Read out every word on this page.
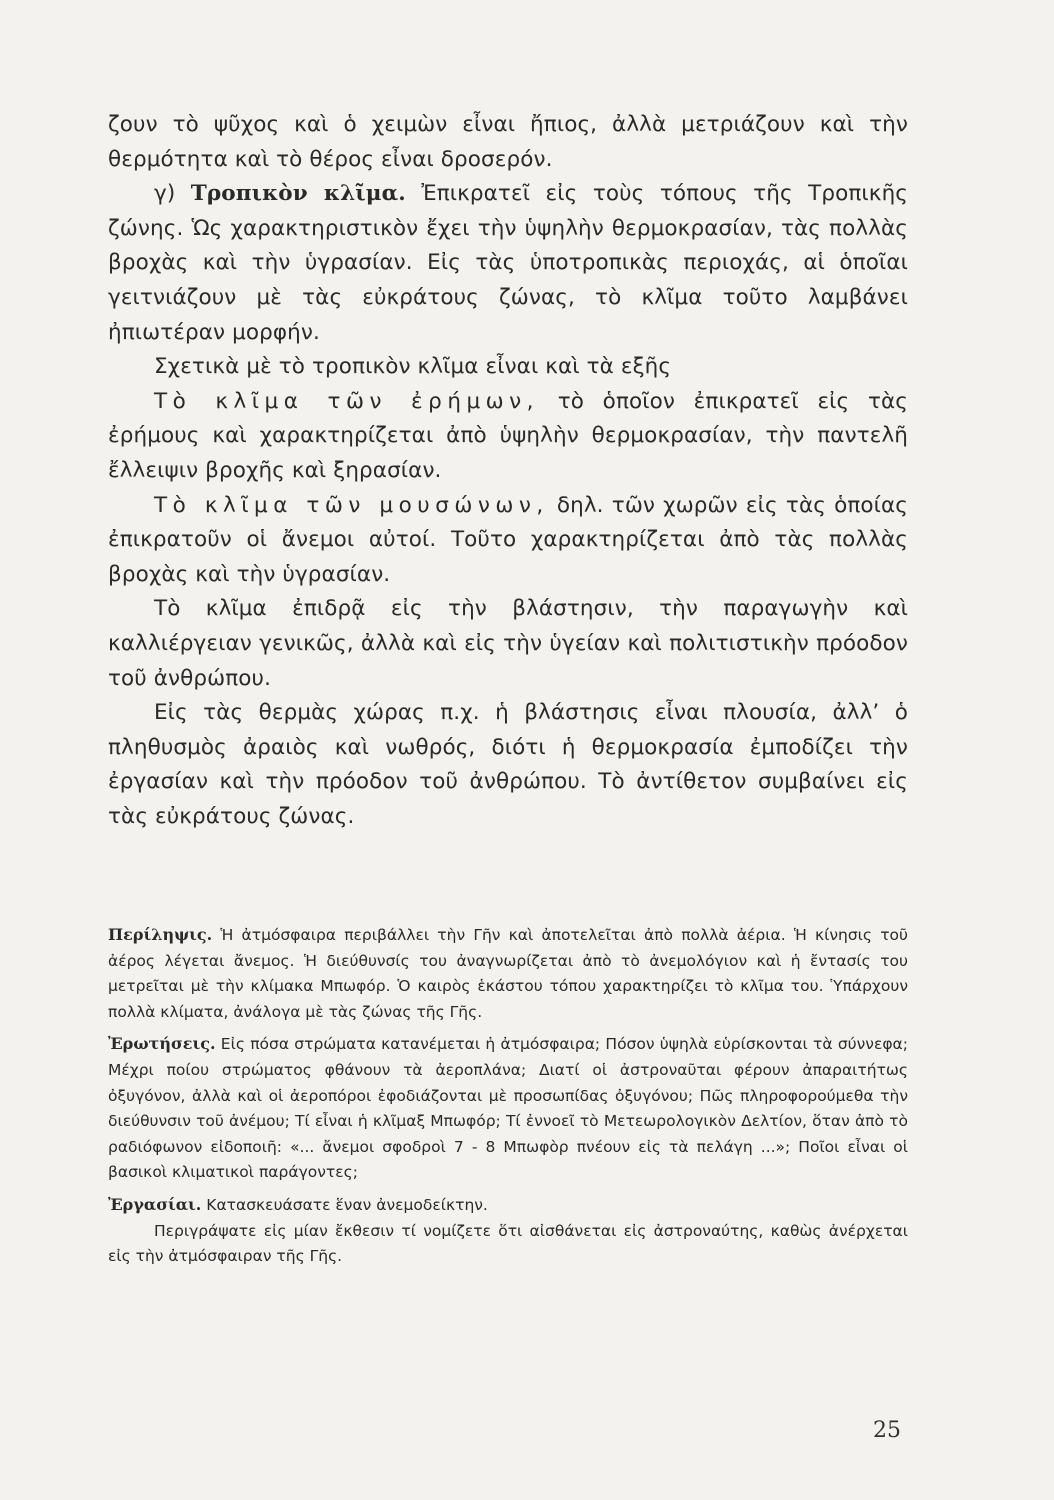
ζουν τὸ ψῦχος καὶ ὁ χειμὼν εἶναι ἤπιος, ἀλλὰ μετριάζουν καὶ τὴν θερμότητα καὶ τὸ θέρος εἶναι δροσερόν.

γ) Τροπικὸν κλῖμα. Ἐπικρατεῖ εἰς τοὺς τόπους τῆς Τροπικῆς ζώνης. Ὡς χαρακτηριστικὸν ἔχει τὴν ὑψηλὴν θερμοκρασίαν, τὰς πολλὰς βροχὰς καὶ τὴν ὑγρασίαν. Εἰς τὰς ὑποτροπικὰς περιοχάς, αἱ ὁποῖαι γειτνιάζουν μὲ τὰς εὐκράτους ζώνας, τὸ κλῖμα τοῦτο λαμβάνει ἠπιωτέραν μορφήν.

Σχετικὰ μὲ τὸ τροπικὸν κλῖμα εἶναι καὶ τὰ εξῆς

Τὸ κλῖμα τῶν ἐρήμων, τὸ ὁποῖον ἐπικρατεῖ εἰς τὰς ἐρήμους καὶ χαρακτηρίζεται ἀπὸ ὑψηλὴν θερμοκρασίαν, τὴν παντελῆ ἔλλειψιν βροχῆς καὶ ξηρασίαν.

Τὸ κλῖμα τῶν μουσώνων, δηλ. τῶν χωρῶν εἰς τὰς ὁποίας ἐπικρατοῦν οἱ ἄνεμοι αὐτοί. Τοῦτο χαρακτηρίζεται ἀπὸ τὰς πολλὰς βροχὰς καὶ τὴν ὑγρασίαν.

Τὸ κλῖμα ἐπιδρᾷ εἰς τὴν βλάστησιν, τὴν παραγωγὴν καὶ καλλιέργειαν γενικῶς, ἀλλὰ καὶ εἰς τὴν ὑγείαν καὶ πολιτιστικὴν πρόοδον τοῦ ἀνθρώπου.

Εἰς τὰς θερμὰς χώρας π.χ. ἡ βλάστησις εἶναι πλουσία, ἀλλ’ ὁ πληθυσμὸς ἀραιὸς καὶ νωθρός, διότι ἡ θερμοκρασία ἐμποδίζει τὴν ἐργασίαν καὶ τὴν πρόοδον τοῦ ἀνθρώπου. Τὸ ἀντίθετον συμβαίνει εἰς τὰς εὐκράτους ζώνας.

Περίληψις. Ἡ ἀτμόσφαιρα περιβάλλει τὴν Γῆν καὶ ἀποτελεῖται ἀπὸ πολλὰ ἀέρια. Ἡ κίνησις τοῦ ἀέρος λέγεται ἄνεμος. Ἡ διεύθυνσίς του ἀναγνωρίζεται ἀπὸ τὸ ἀνεμολόγιον καὶ ἡ ἔντασίς του μετρεῖται μὲ τὴν κλίμακα Μπωφόρ. Ὁ καιρὸς ἑκάστου τόπου χαρακτηρίζει τὸ κλῖμα του. Ὑπάρχουν πολλὰ κλίματα, ἀνάλογα μὲ τὰς ζώνας τῆς Γῆς.

Ἐρωτήσεις. Εἰς πόσα στρώματα κατανέμεται ἡ ἀτμόσφαιρα; Πόσον ὑψηλὰ εὑρίσκονται τὰ σύννεφα; Μέχρι ποίου στρώματος φθάνουν τὰ ἀεροπλάνα; Διατί οἱ ἀστροναῦται φέρουν ἀπαραιτήτως ὀξυγόνον, ἀλλὰ καὶ οἱ ἀεροπόροι ἐφοδιάζονται μὲ προσωπίδας ὀξυγόνου; Πῶς πληροφορούμεθα τὴν διεύθυνσιν τοῦ ἀνέμου; Τί εἶναι ἡ κλῖμαξ Μπωφόρ; Τί ἐννοεῖ τὸ Μετεωρολογικὸν Δελτίον, ὅταν ἀπὸ τὸ ραδιόφωνον εἰδοποιῆ: «... ἄνεμοι σφοδροὶ 7 - 8 Μπωφὸρ πνέουν εἰς τὰ πελάγη ...»; Ποῖοι εἶναι οἱ βασικοὶ κλιματικοὶ παράγοντες;

Ἐργασίαι. Κατασκευάσατε ἕναν ἀνεμοδείκτην.

Περιγράψατε εἰς μίαν ἔκθεσιν τί νομίζετε ὅτι αἰσθάνεται εἰς ἀστροναύτης, καθὼς ἀνέρχεται εἰς τὴν ἀτμόσφαιραν τῆς Γῆς.

25
